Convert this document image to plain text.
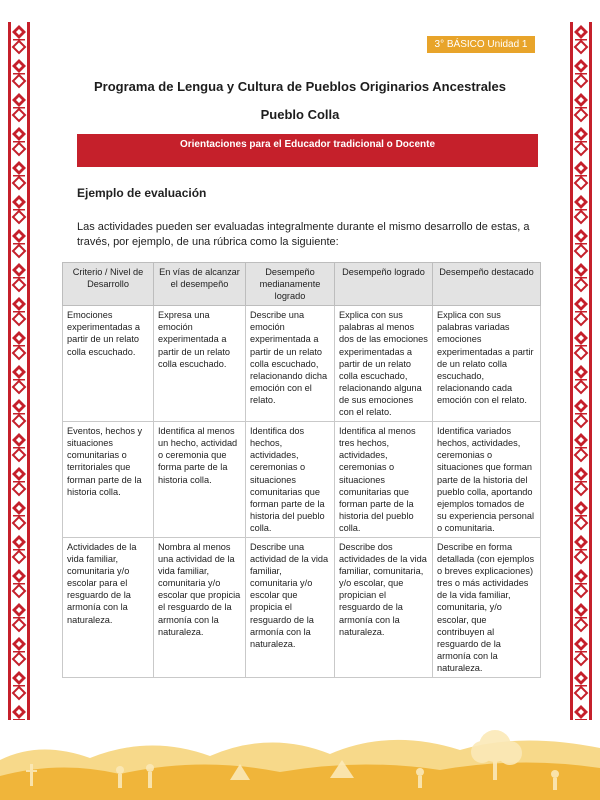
3° BÁSICO Unidad 1
Programa de Lengua y Cultura de Pueblos Originarios Ancestrales
Pueblo Colla
Orientaciones para el Educador tradicional o Docente
Ejemplo de evaluación
Las actividades pueden ser evaluadas integralmente durante el mismo desarrollo de estas, a través, por ejemplo, de una rúbrica como la siguiente:
Criterio / Nivel de Desarrollo	En vías de alcanzar el desempeño	Desempeño medianamente logrado	Desempeño logrado	Desempeño destacado
Emociones experimentadas a partir de un relato colla escuchado.	Expresa una emoción experimentada a partir de un relato colla escuchado.	Describe una emoción experimentada a partir de un relato colla escuchado, relacionando dicha emoción con el relato.	Explica con sus palabras al menos dos de las emociones experimentadas a partir de un relato colla escuchado, relacionando alguna de sus emociones con el relato.	Explica con sus palabras variadas emociones experimentadas a partir de un relato colla escuchado, relacionando cada emoción con el relato.
Eventos, hechos y situaciones comunitarias o territoriales que forman parte de la historia colla.	Identifica al menos un hecho, actividad o ceremonia que forma parte de la historia colla.	Identifica dos hechos, actividades, ceremonias o situaciones comunitarias que forman parte de la historia del pueblo colla.	Identifica al menos tres hechos, actividades, ceremonias o situaciones comunitarias que forman parte de la historia del pueblo colla.	Identifica variados hechos, actividades, ceremonias o situaciones que forman parte de la historia del pueblo colla, aportando ejemplos tomados de su experiencia personal o comunitaria.
Actividades de la vida familiar, comunitaria y/o escolar para el resguardo de la armonía con la naturaleza.	Nombra al menos una actividad de la vida familiar, comunitaria y/o escolar que propicia el resguardo de la armonía con la naturaleza.	Describe una actividad de la vida familiar, comunitaria y/o escolar que propicia el resguardo de la armonía con la naturaleza.	Describe dos actividades de la vida familiar, comunitaria, y/o escolar, que propician el resguardo de la armonía con la naturaleza.	Describe en forma detallada (con ejemplos o breves explicaciones) tres o más actividades de la vida familiar, comunitaria, y/o escolar, que contribuyen al resguardo de la armonía con la naturaleza.
